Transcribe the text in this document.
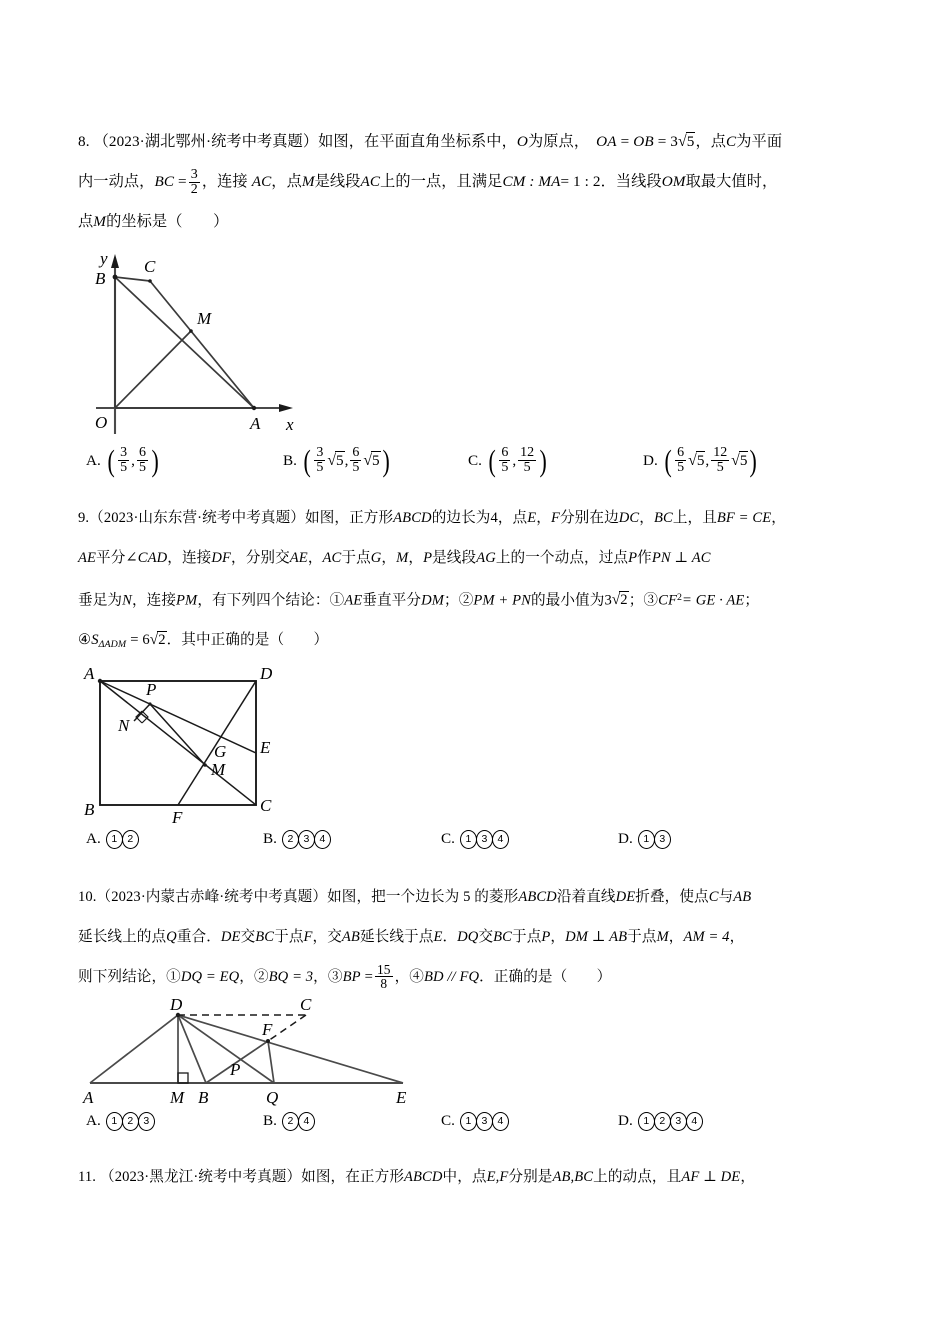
8. （2023·湖北鄂州·统考中考真题）如图，在平面直角坐标系中，O为原点， OA = OB = 3√5，点C为平面
内一动点，BC = $\frac{3}{2}$ ，连接 AC，点M是线段AC上的一点，且满足CM : MA= 1 : 2．当线段OM取最大值时，
点M的坐标是（　　）
B
C
M
A
O	x
y
A. ( $\frac{3}{5}$ , $\frac{6}{5}$ )	B. ( $\frac{3}{5} √5$ , $\frac{6}{5} √5$ )	C. ( $\frac{6}{5}$ , $\frac{12}{5}$ )	D. ( $\frac{6}{5} √5$ , $\frac{12}{5} √5$ )
9.（2023·山东东营·统考中考真题）如图，正方形ABCD的边长为4，点E，F分别在边DC，BC上，且BF = CE，
AE平分∠CAD，连接DF，分别交AE，AC于点G，M，P是线段AG上的一个动点，过点P作PN ⊥ AC
垂足为N，连接PM，有下列四个结论：①AE垂直平分DM；②PM + PN的最小值为3√2；$③CF^2=$ GE · AE；
$④S_{\Delta ADM} = 6√2$．其中正确的是（　　）
A	D
B	C
P
N
E
G
M
F
A.	1 2	B.	2 3 4	C.	1 3 4	D.	1 3
10.（2023·内蒙古赤峰·统考中考真题）如图，把一个边长为 5 的菱形ABCD沿着直线DE折叠，使点C与AB
延长线上的点Q重合．DE交BC于点F，交AB延长线于点E．DQ交BC于点P，DM ⊥ AB于点M，AM = 4，
则下列结论，①DQ = EQ，②BQ = 3，③BP = $\frac{15}{8}$ ，④BD // FQ．正确的是（　　）
A	M B	Q	E
D	C
F
P
A.	1 2 3	B.	2 4	C.	1 3 4	D.	1 2 3 4
11. （2023·黑龙江·统考中考真题）如图，在正方形ABCD中，点E,F分别是AB,BC上的动点，且AF ⊥ DE，
